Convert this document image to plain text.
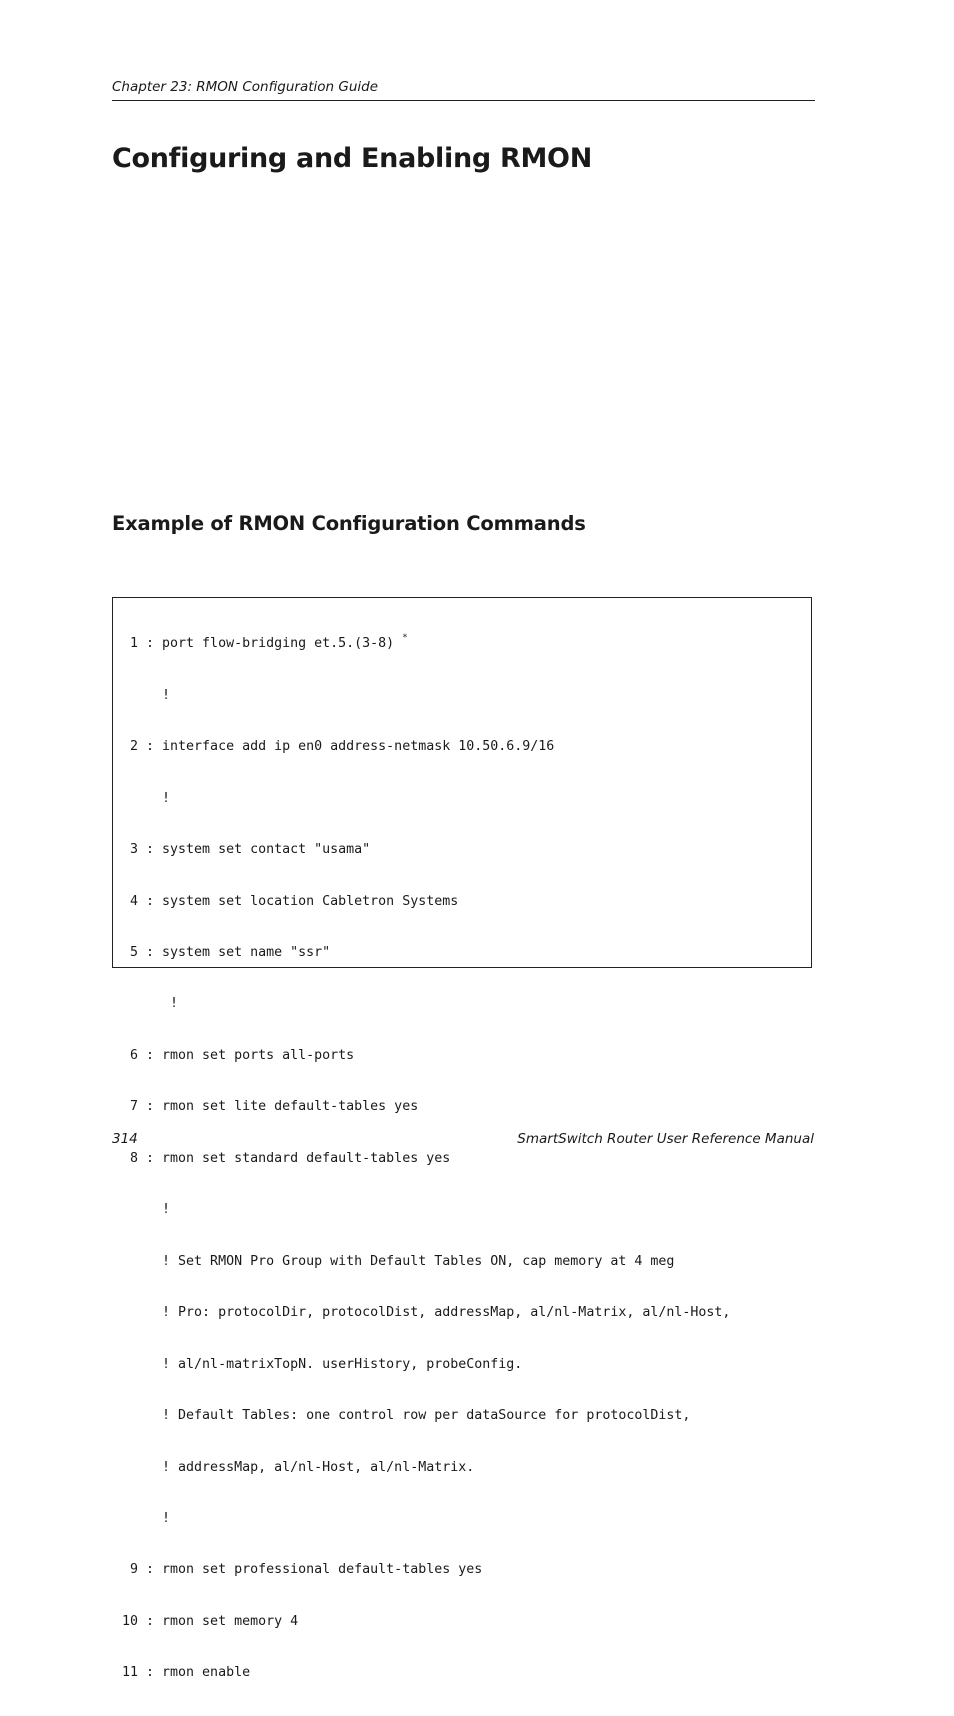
Chapter 23: RMON Configuration Guide
Configuring and Enabling RMON
Example of RMON Configuration Commands

1 : port flow-bridging et.5.(3-8) *

!

2 : interface add ip en0 address-netmask 10.50.6.9/16

!

3 : system set contact "usama"

4 : system set location Cabletron Systems

5 : system set name "ssr"

!

6 : rmon set ports all-ports

7 : rmon set lite default-tables yes

8 : rmon set standard default-tables yes

!

! Set RMON Pro Group with Default Tables ON, cap memory at 4 meg

! Pro: protocolDir, protocolDist, addressMap, al/nl-Matrix, al/nl-Host,

! al/nl-matrixTopN. userHistory, probeConfig.

! Default Tables: one control row per dataSource for protocolDist,

! addressMap, al/nl-Host, al/nl-Matrix.

!

9 : rmon set professional default-tables yes

10 : rmon set memory 4

11 : rmon enable

314	SmartSwitch Router User Reference Manual
